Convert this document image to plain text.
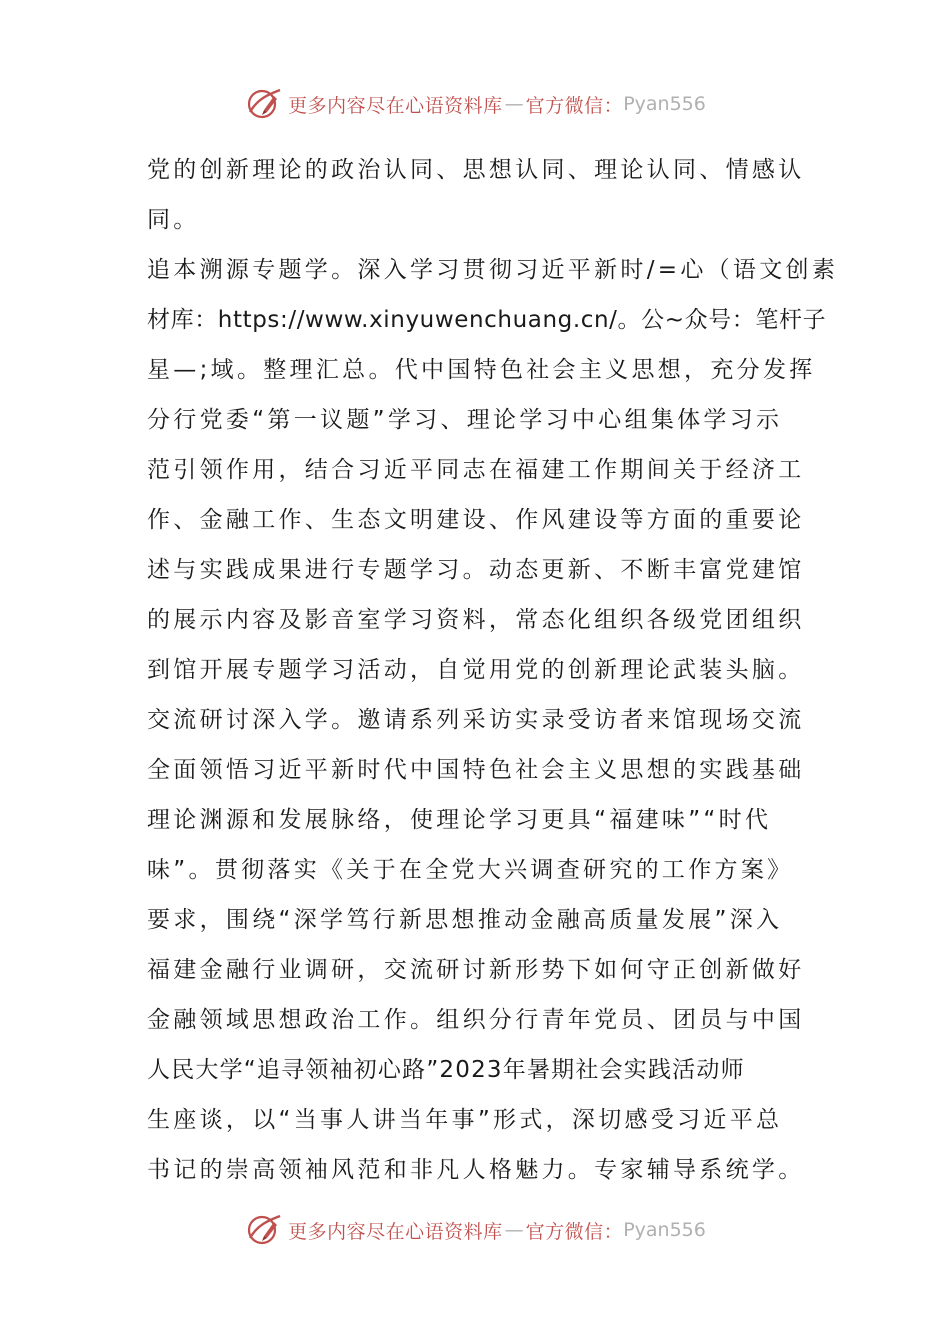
更多内容尽在心语资料库 — 官方微信： Pyan556
党的创新理论的政治认同、思想认同、理论认同、情感认
同。
追本溯源专题学。深入学习贯彻习近平新时/=心（语文创素
材库：https://www.xinyuwenchuang.cn/。公~众号：笔杆子
星—;域。整理汇总。代中国特色社会主义思想，充分发挥
分行党委“第一议题”学习、理论学习中心组集体学习示
范引领作用，结合习近平同志在福建工作期间关于经济工
作、金融工作、生态文明建设、作风建设等方面的重要论
述与实践成果进行专题学习。动态更新、不断丰富党建馆
的展示内容及影音室学习资料，常态化组织各级党团组织
到馆开展专题学习活动，自觉用党的创新理论武装头脑。
交流研讨深入学。邀请系列采访实录受访者来馆现场交流
全面领悟习近平新时代中国特色社会主义思想的实践基础
理论渊源和发展脉络，使理论学习更具“福建味”“时代
味”。贯彻落实《关于在全党大兴调查研究的工作方案》
要求，围绕“深学笃行新思想推动金融高质量发展”深入
福建金融行业调研，交流研讨新形势下如何守正创新做好
金融领域思想政治工作。组织分行青年党员、团员与中国
人民大学“追寻领袖初心路”2023年暑期社会实践活动师
生座谈，以“当事人讲当年事”形式，深切感受习近平总
书记的崇高领袖风范和非凡人格魅力。专家辅导系统学。
更多内容尽在心语资料库 — 官方微信： Pyan556
